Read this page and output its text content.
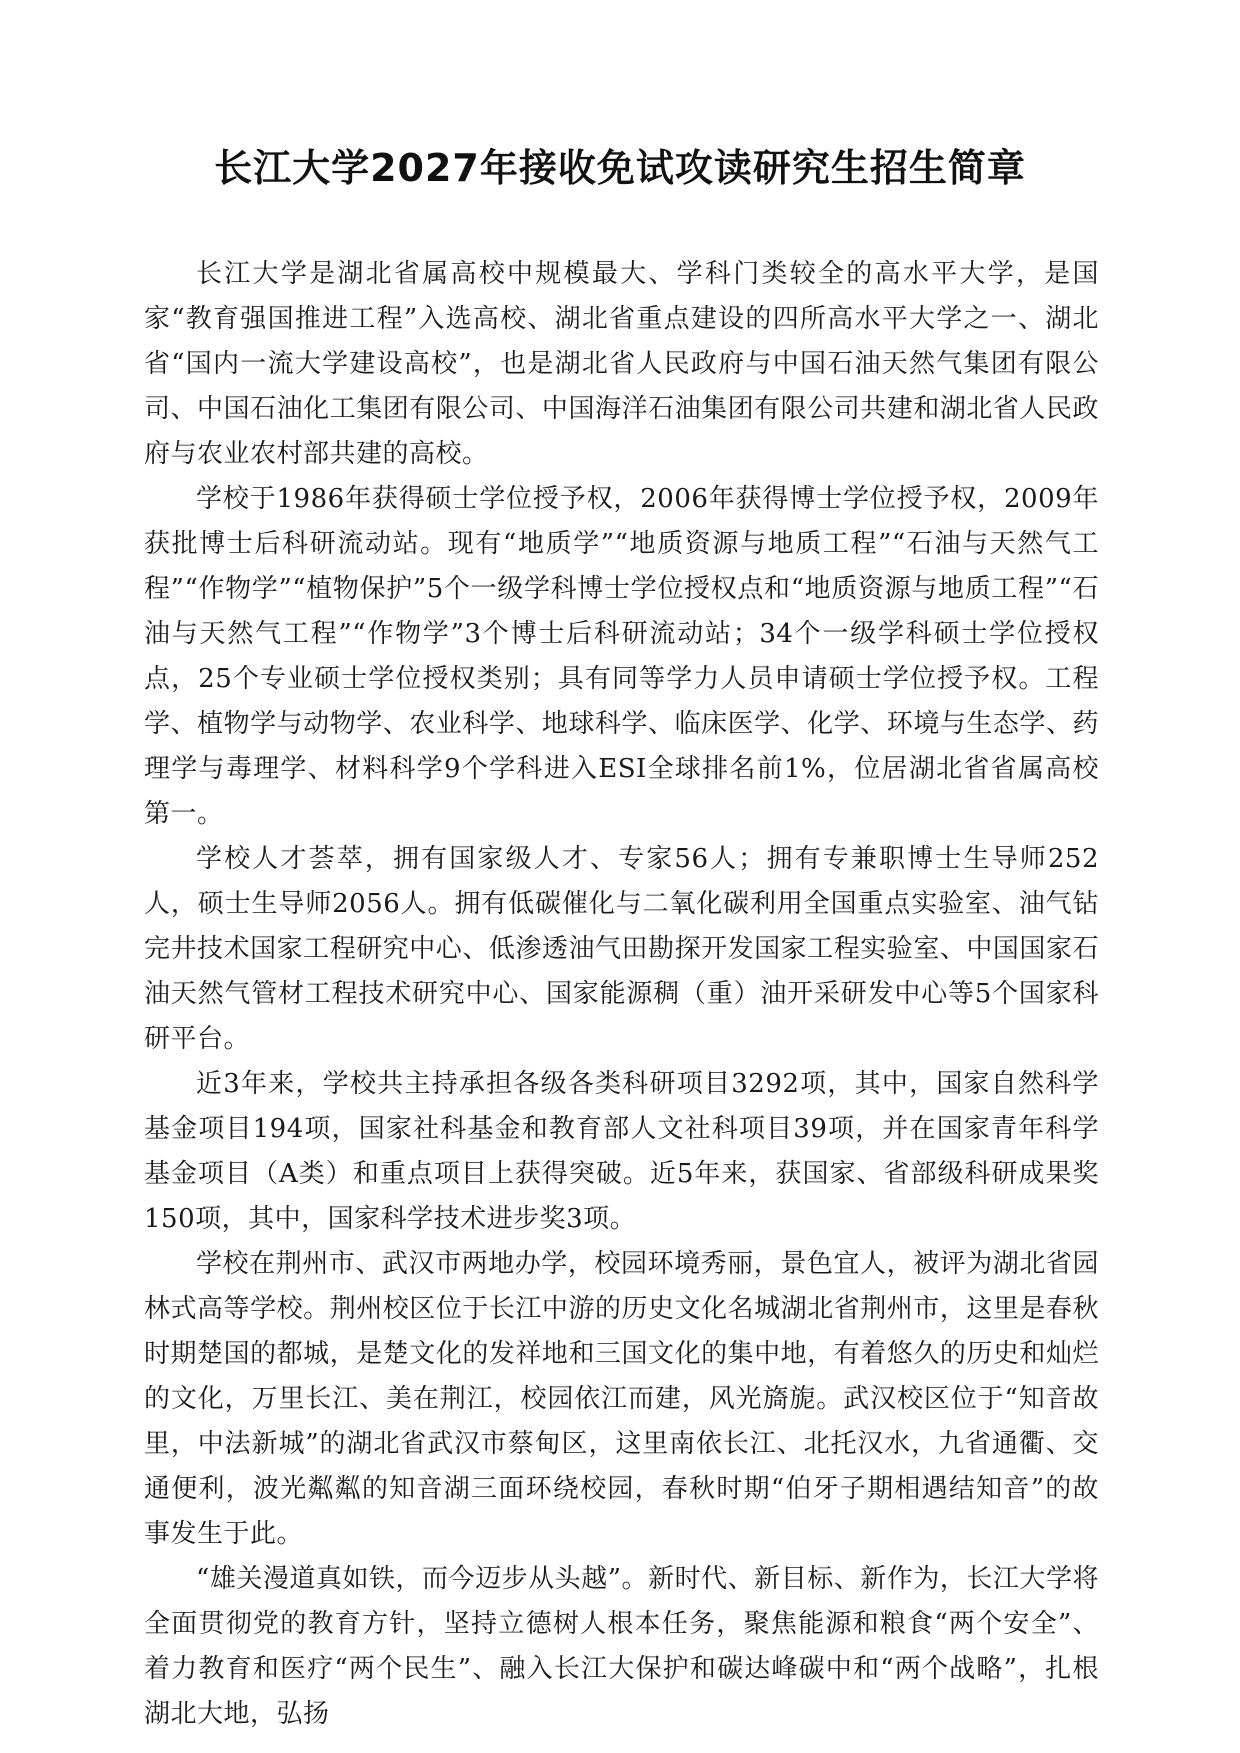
长江大学2027年接收免试攻读研究生招生简章

长江大学是湖北省属高校中规模最大、学科门类较全的高水平大学，是国家“教育强国推进工程”入选高校、湖北省重点建设的四所高水平大学之一、湖北省“国内一流大学建设高校”，也是湖北省人民政府与中国石油天然气集团有限公司、中国石油化工集团有限公司、中国海洋石油集团有限公司共建和湖北省人民政府与农业农村部共建的高校。

学校于1986年获得硕士学位授予权，2006年获得博士学位授予权，2009年获批博士后科研流动站。现有“地质学”“地质资源与地质工程”“石油与天然气工程”“作物学”“植物保护”5个一级学科博士学位授权点和“地质资源与地质工程”“石油与天然气工程”“作物学”3个博士后科研流动站；34个一级学科硕士学位授权点，25个专业硕士学位授权类别；具有同等学力人员申请硕士学位授予权。工程学、植物学与动物学、农业科学、地球科学、临床医学、化学、环境与生态学、药理学与毒理学、材料科学9个学科进入ESI全球排名前1%，位居湖北省省属高校第一。

学校人才荟萃，拥有国家级人才、专家56人；拥有专兼职博士生导师252人，硕士生导师2056人。拥有低碳催化与二氧化碳利用全国重点实验室、油气钻完井技术国家工程研究中心、低渗透油气田勘探开发国家工程实验室、中国国家石油天然气管材工程技术研究中心、国家能源稠（重）油开采研发中心等5个国家科研平台。

近3年来，学校共主持承担各级各类科研项目3292项，其中，国家自然科学基金项目194项，国家社科基金和教育部人文社科项目39项，并在国家青年科学基金项目（A类）和重点项目上获得突破。近5年来，获国家、省部级科研成果奖150项，其中，国家科学技术进步奖3项。

学校在荆州市、武汉市两地办学，校园环境秀丽，景色宜人，被评为湖北省园林式高等学校。荆州校区位于长江中游的历史文化名城湖北省荆州市，这里是春秋时期楚国的都城，是楚文化的发祥地和三国文化的集中地，有着悠久的历史和灿烂的文化，万里长江、美在荆江，校园依江而建，风光旖旎。武汉校区位于“知音故里，中法新城”的湖北省武汉市蔡甸区，这里南依长江、北托汉水，九省通衢、交通便利，波光粼粼的知音湖三面环绕校园，春秋时期“伯牙子期相遇结知音”的故事发生于此。

“雄关漫道真如铁，而今迈步从头越”。新时代、新目标、新作为，长江大学将全面贯彻党的教育方针，坚持立德树人根本任务，聚焦能源和粮食“两个安全”、着力教育和医疗“两个民生”、融入长江大保护和碳达峰碳中和“两个战略”，扎根湖北大地，弘扬
